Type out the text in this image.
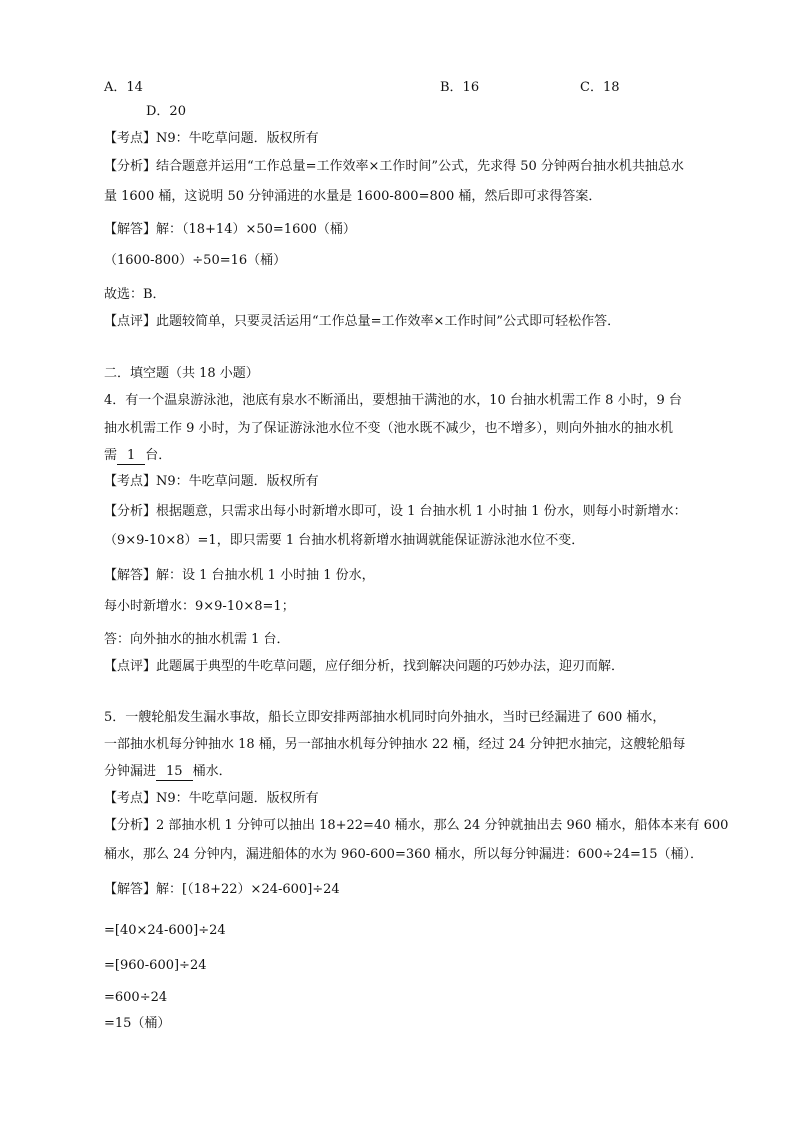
A．14	B．16	C．18
D．20
【考点】N9：牛吃草问题．版权所有
【分析】结合题意并运用“工作总量=工作效率×工作时间”公式，先求得 50 分钟两台抽水机共抽总水
量 1600 桶，这说明 50 分钟涌进的水量是 1600-800=800 桶，然后即可求得答案．
【解答】解：（18+14）×50=1600（桶）
（1600-800）÷50=16（桶）
故选：B．
【点评】此题较简单，只要灵活运用“工作总量=工作效率×工作时间”公式即可轻松作答．
二．填空题（共 18 小题）
4．有一个温泉游泳池，池底有泉水不断涌出，要想抽干满池的水，10 台抽水机需工作 8 小时，9 台
抽水机需工作 9 小时，为了保证游泳池水位不变（池水既不减少，也不增多），则向外抽水的抽水机
需 1 台．
【考点】N9：牛吃草问题．版权所有
【分析】根据题意，只需求出每小时新增水即可，设 1 台抽水机 1 小时抽 1 份水，则每小时新增水：
（9×9-10×8）=1，即只需要 1 台抽水机将新增水抽调就能保证游泳池水位不变．
【解答】解：设 1 台抽水机 1 小时抽 1 份水，
每小时新增水：9×9-10×8=1；
答：向外抽水的抽水机需 1 台．
【点评】此题属于典型的牛吃草问题，应仔细分析，找到解决问题的巧妙办法，迎刃而解．
5．一艘轮船发生漏水事故，船长立即安排两部抽水机同时向外抽水，当时已经漏进了 600 桶水，
一部抽水机每分钟抽水 18 桶，另一部抽水机每分钟抽水 22 桶，经过 24 分钟把水抽完，这艘轮船每
分钟漏进 15 桶水．
【考点】N9：牛吃草问题．版权所有
【分析】2 部抽水机 1 分钟可以抽出 18+22=40 桶水，那么 24 分钟就抽出去 960 桶水，船体本来有 600
桶水，那么 24 分钟内，漏进船体的水为 960-600=360 桶水，所以每分钟漏进：600÷24=15（桶）．
【解答】解：[（18+22）×24-600]÷24
=[40×24-600]÷24
=[960-600]÷24
=600÷24
=15（桶）
